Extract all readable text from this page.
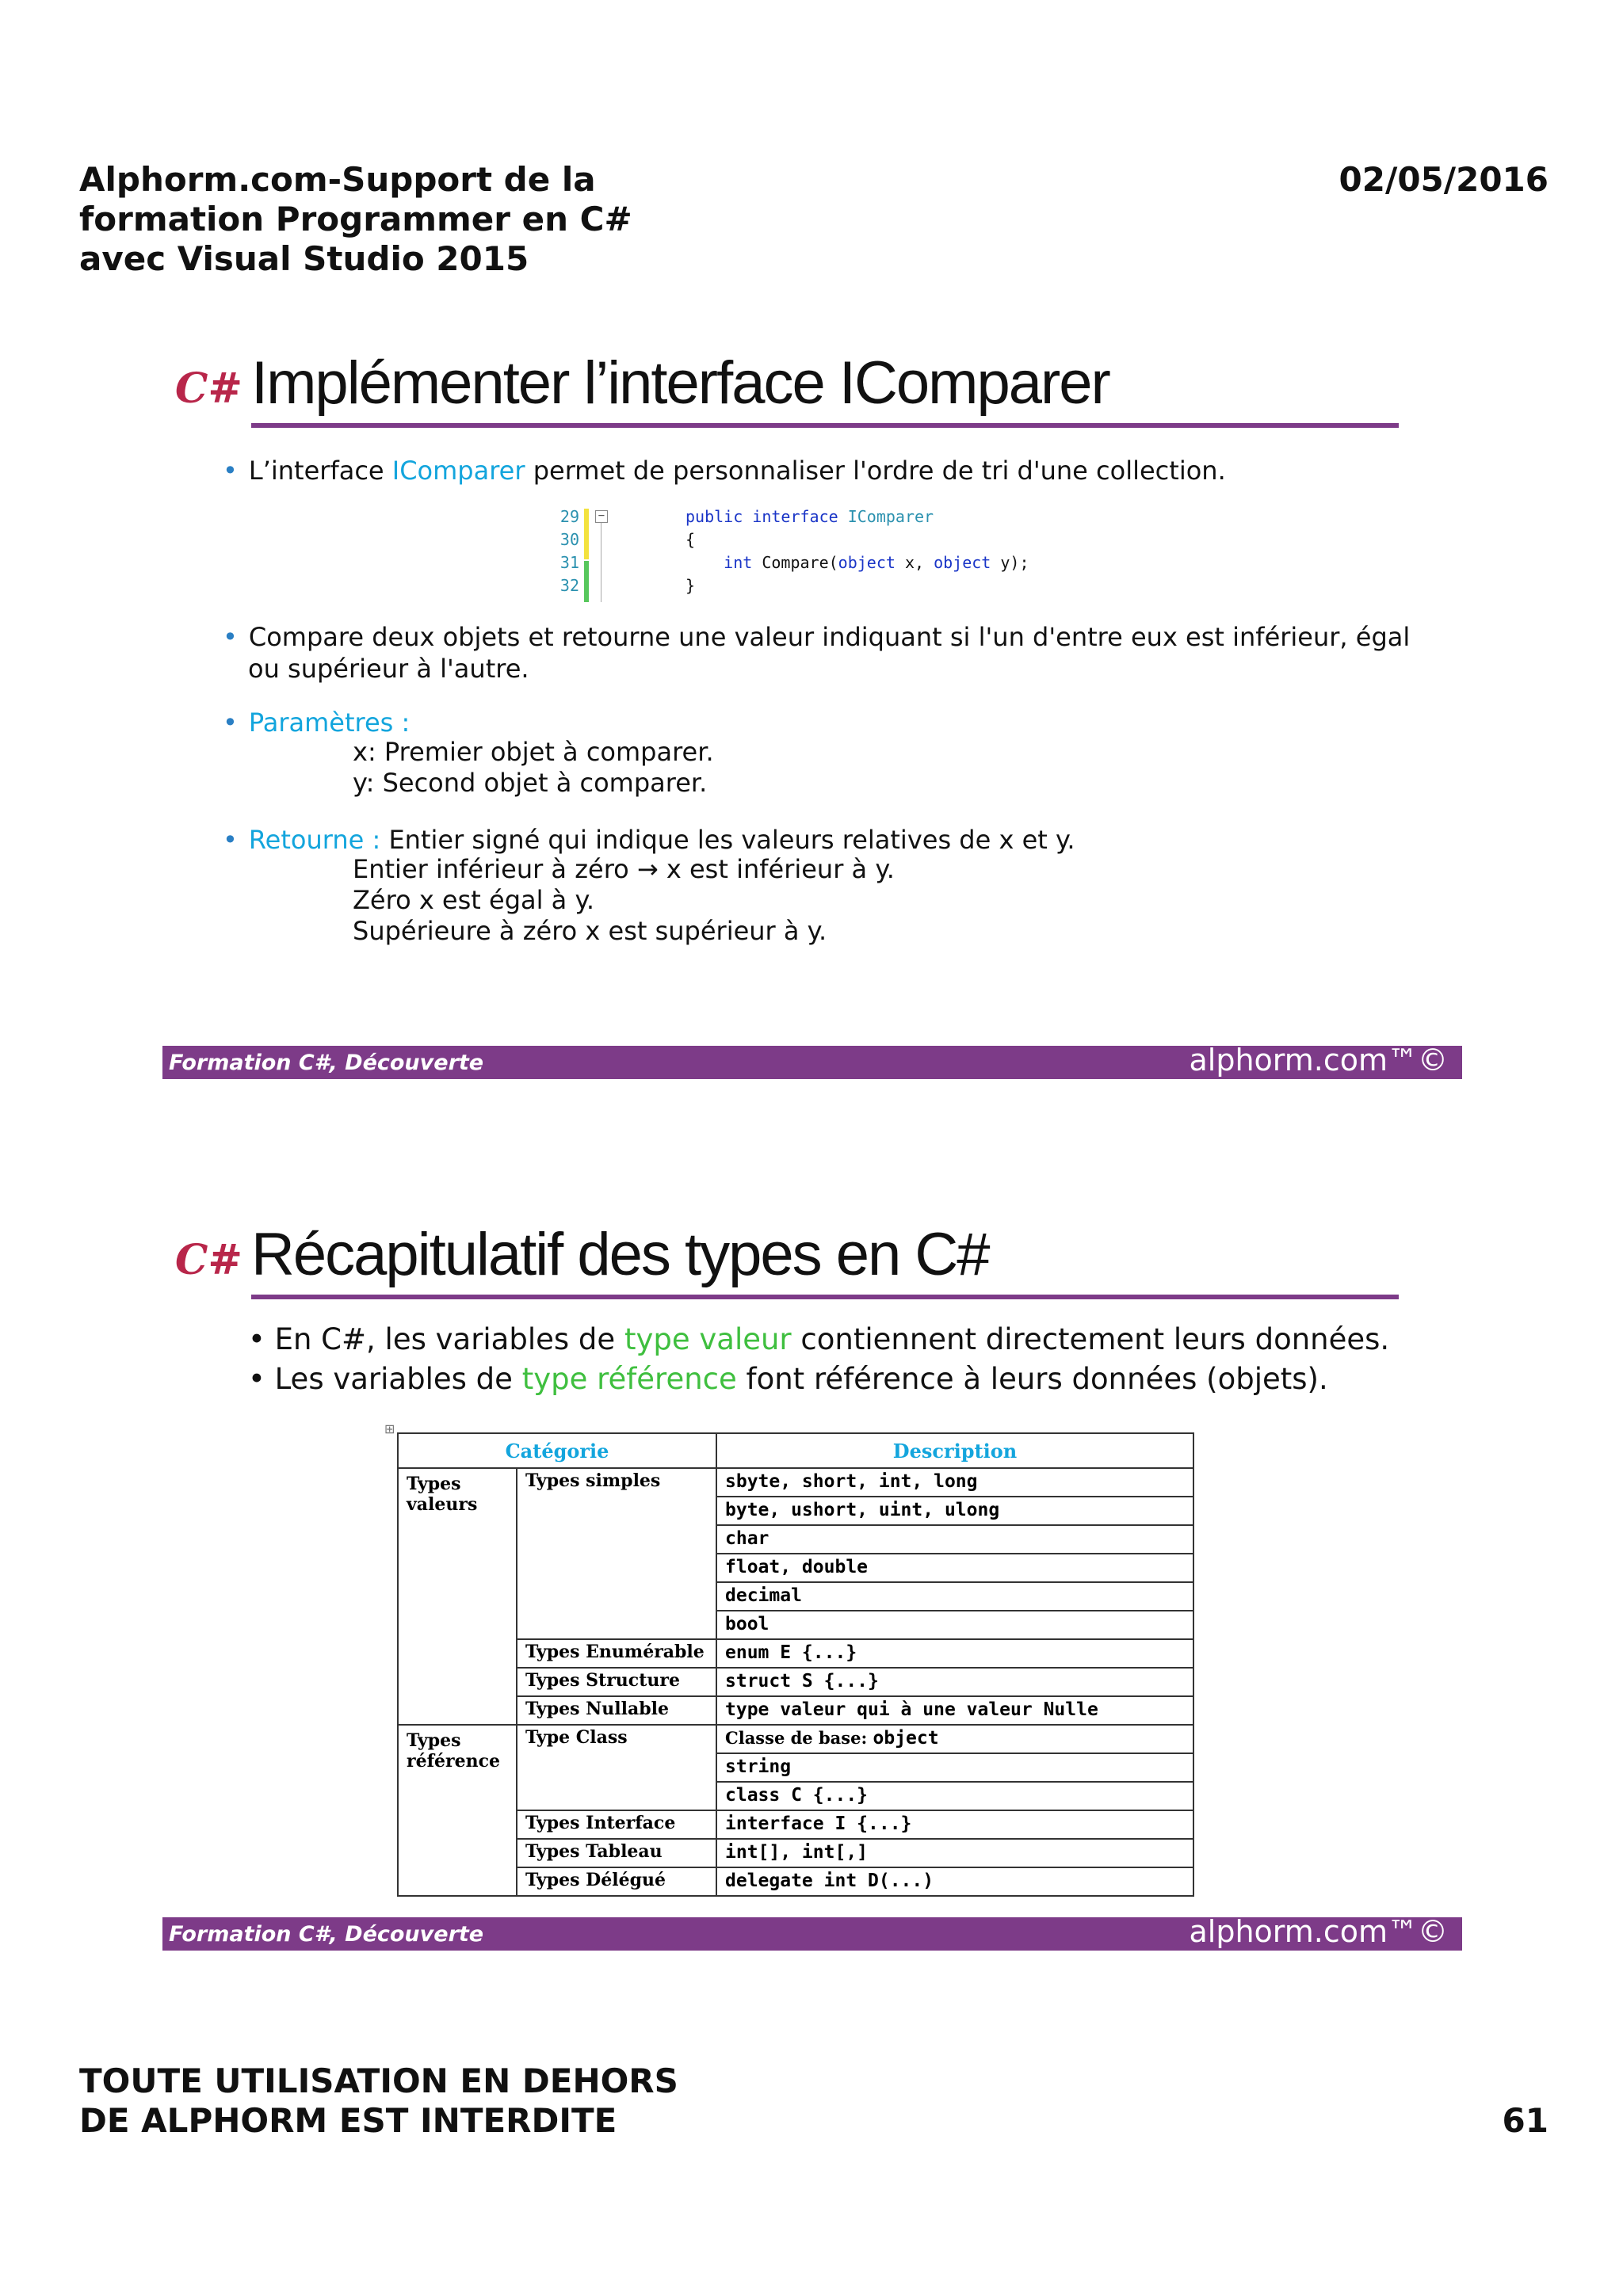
Alphorm.com-Support de la
formation Programmer en C#
avec Visual Studio 2015
02/05/2016
C# Implémenter l’interface IComparer
• L’interface IComparer permet de personnaliser l'ordre de tri d'une collection.
29
30
31
32
−	public interface IComparer
{
int Compare(object x, object y);
}
• Compare deux objets et retourne une valeur indiquant si l'un d'entre eux est inférieur, égal
ou supérieur à l'autre.
• Paramètres :
x: Premier objet à comparer.
y: Second objet à comparer.
• Retourne : Entier signé qui indique les valeurs relatives de x et y.
Entier inférieur à zéro → x est inférieur à y.
Zéro x est égal à y.
Supérieure à zéro x est supérieur à y.
Formation C#, Découverte	alphorm.com™©
C# Récapitulatif des types en C#
• En C#, les variables de type valeur contiennent directement leurs données.
• Les variables de type référence font référence à leurs données (objets).
⊞
Catégorie		Description
Types valeurs	Types simples	sbyte, short, int, long
		byte, ushort, uint, ulong
		char
		float, double
		decimal
		bool
	Types Enumérable	enum E {...}
	Types Structure	struct S {...}
	Types Nullable	type valeur qui à une valeur Nulle
Types référence	Type Class	Classe de base: object
		string
		class C {...}
	Types Interface	interface I {...}
	Types Tableau	int[], int[,]
	Types Délégué	delegate int D(...)
Formation C#, Découverte	alphorm.com™©
TOUTE UTILISATION EN DEHORS
DE ALPHORM EST INTERDITE	61
